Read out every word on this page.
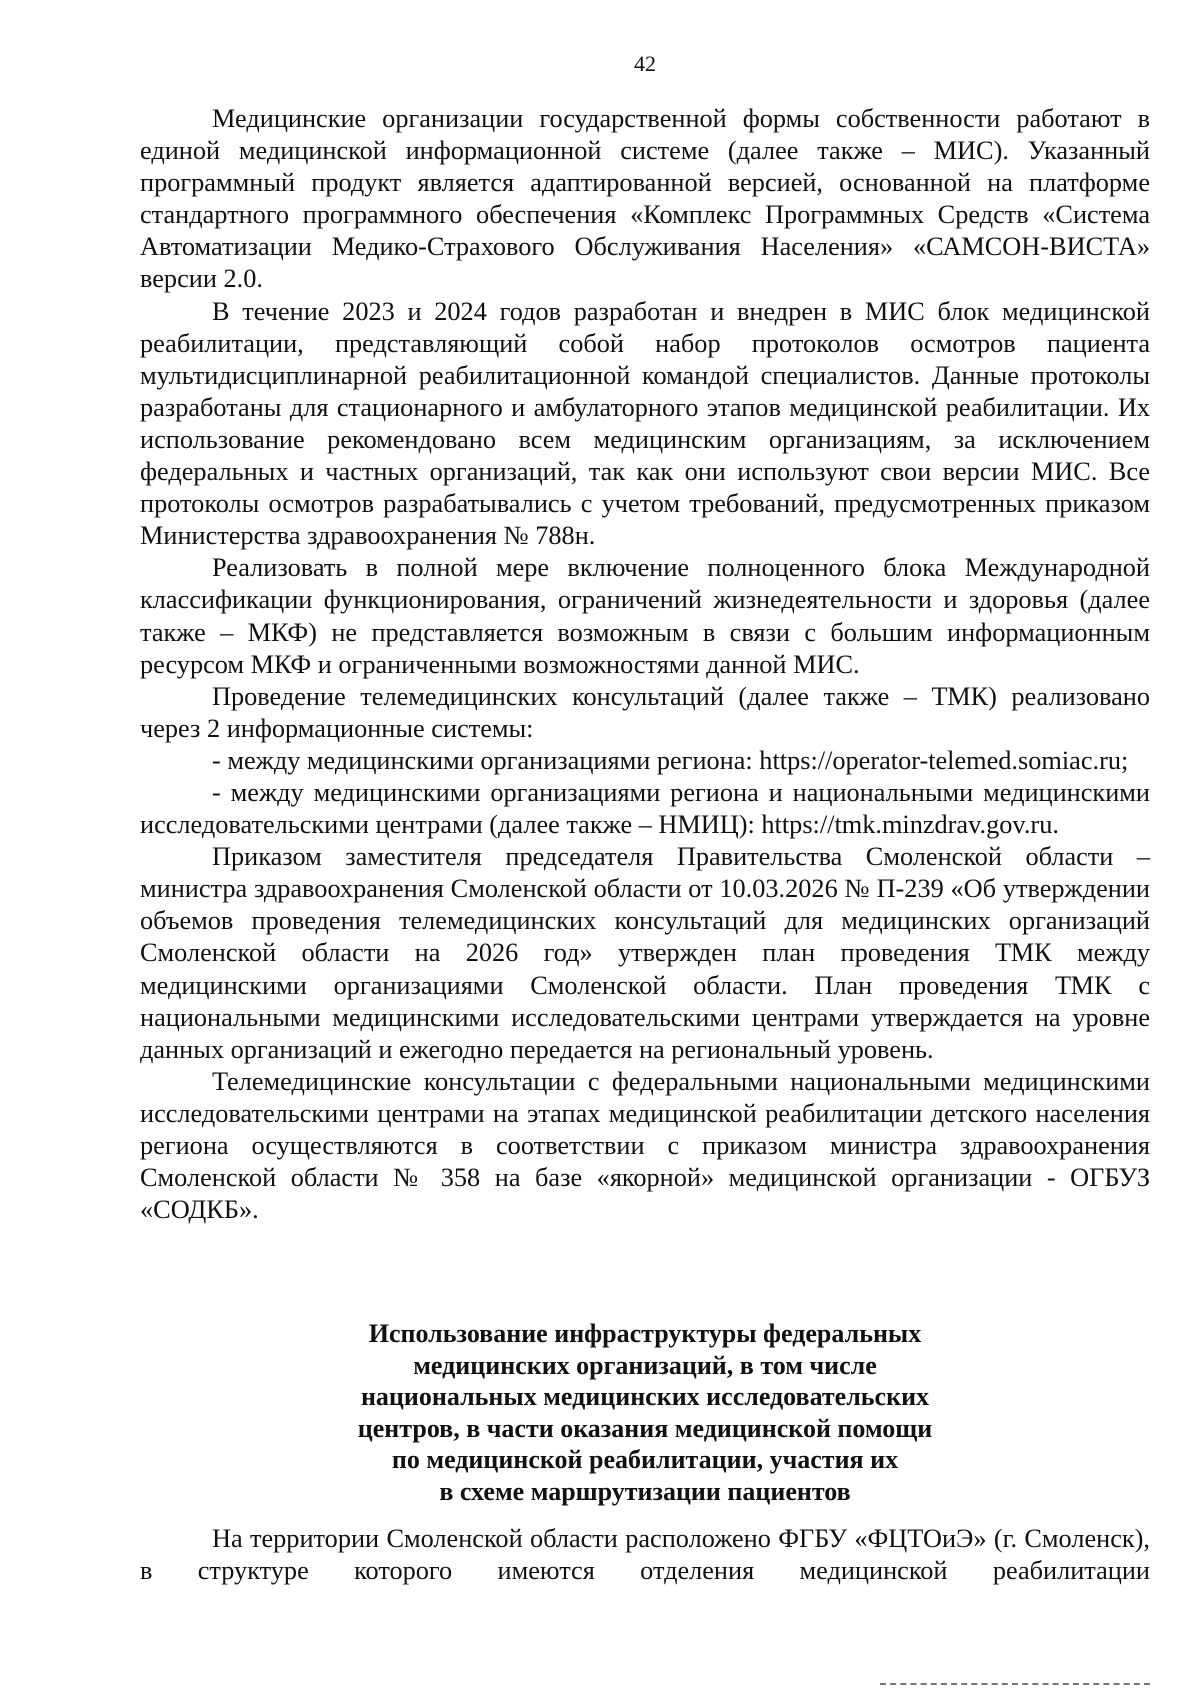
42

Медицинские организации государственной формы собственности работают в единой медицинской информационной системе (далее также – МИС). Указанный программный продукт является адаптированной версией, основанной на платформе стандартного программного обеспечения «Комплекс Программных Средств «Система Автоматизации Медико-Страхового Обслуживания Населения» «САМСОН-ВИСТА» версии 2.0.

В течение 2023 и 2024 годов разработан и внедрен в МИС блок медицинской реабилитации, представляющий собой набор протоколов осмотров пациента мультидисциплинарной реабилитационной командой специалистов. Данные протоколы разработаны для стационарного и амбулаторного этапов медицинской реабилитации. Их использование рекомендовано всем медицинским организациям, за исключением федеральных и частных организаций, так как они используют свои версии МИС. Все протоколы осмотров разрабатывались с учетом требований, предусмотренных приказом Министерства здравоохранения № 788н.

Реализовать в полной мере включение полноценного блока Международной классификации функционирования, ограничений жизнедеятельности и здоровья (далее также – МКФ) не представляется возможным в связи с большим информационным ресурсом МКФ и ограниченными возможностями данной МИС.

Проведение телемедицинских консультаций (далее также – ТМК) реализовано через 2 информационные системы:

- между медицинскими организациями региона: https://operator-telemed.somiac.ru;

- между медицинскими организациями региона и национальными медицинскими исследовательскими центрами (далее также – НМИЦ): https://tmk.minzdrav.gov.ru.

Приказом заместителя председателя Правительства Смоленской области – министра здравоохранения Смоленской области от 10.03.2026 № П-239 «Об утверждении объемов проведения телемедицинских консультаций для медицинских организаций Смоленской области на 2026 год» утвержден план проведения ТМК между медицинскими организациями Смоленской области. План проведения ТМК с национальными медицинскими исследовательскими центрами утверждается на уровне данных организаций и ежегодно передается на региональный уровень.

Телемедицинские консультации с федеральными национальными медицинскими исследовательскими центрами на этапах медицинской реабилитации детского населения региона осуществляются в соответствии с приказом министра здравоохранения Смоленской области № 358 на базе «якорной» медицинской организации - ОГБУЗ «СОДКБ».

Использование инфраструктуры федеральных
медицинских организаций, в том числе
национальных медицинских исследовательских
центров, в части оказания медицинской помощи
по медицинской реабилитации, участия их
в схеме маршрутизации пациентов

На территории Смоленской области расположено ФГБУ «ФЦТОиЭ» (г. Смоленск), в структуре которого имеются отделения медицинской реабилитации
